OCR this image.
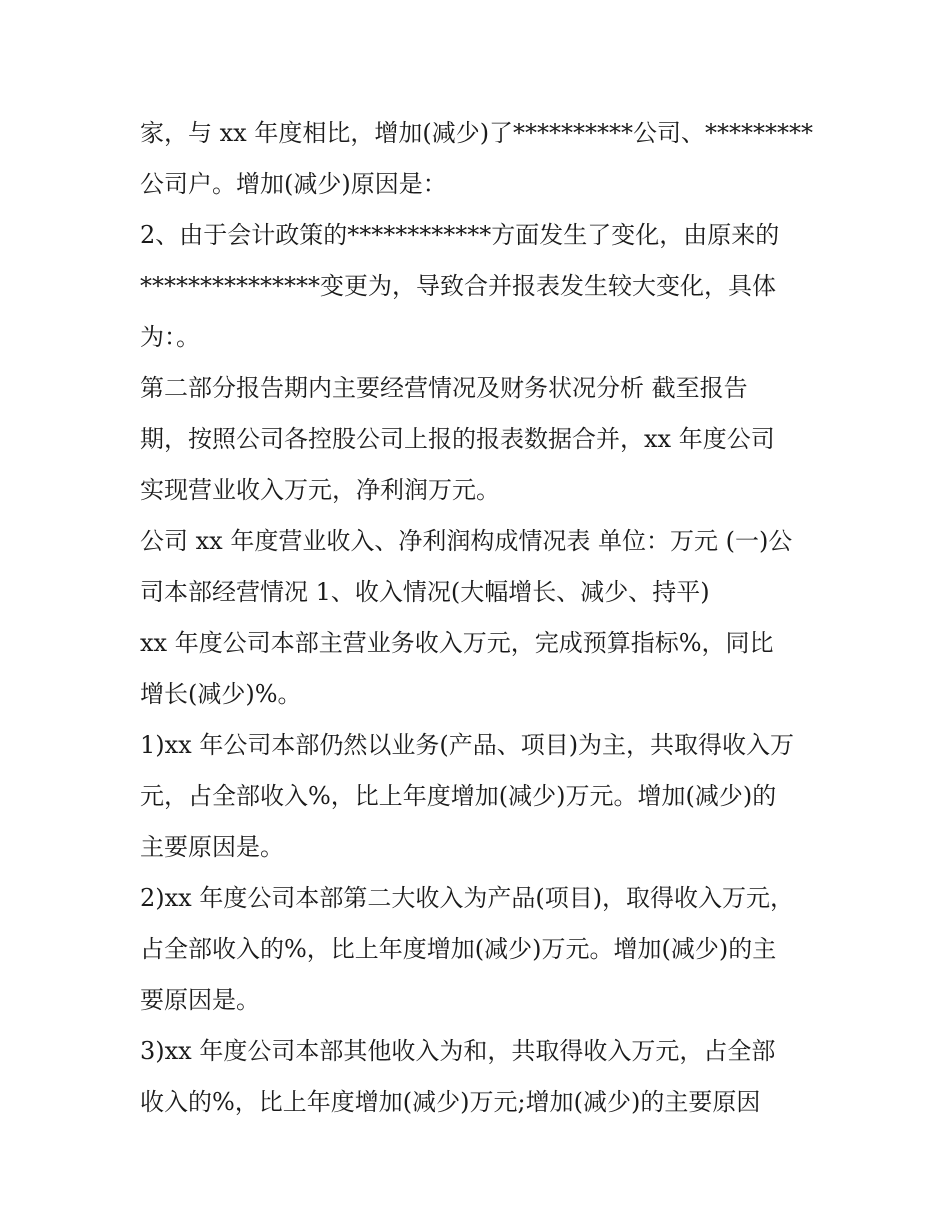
家，与 xx 年度相比，增加(减少)了**********公司、*********
公司户。增加(减少)原因是：
2、由于会计政策的************方面发生了变化，由原来的
***************变更为，导致合并报表发生较大变化，具体
为：。
第二部分报告期内主要经营情况及财务状况分析 截至报告
期，按照公司各控股公司上报的报表数据合并，xx 年度公司
实现营业收入万元，净利润万元。
公司 xx 年度营业收入、净利润构成情况表 单位：万元 (一)公
司本部经营情况 1、收入情况(大幅增长、减少、持平)
xx 年度公司本部主营业务收入万元，完成预算指标%，同比
增长(减少)%。
1)xx 年公司本部仍然以业务(产品、项目)为主，共取得收入万
元，占全部收入%，比上年度增加(减少)万元。增加(减少)的
主要原因是。
2)xx 年度公司本部第二大收入为产品(项目)，取得收入万元，
占全部收入的%，比上年度增加(减少)万元。增加(减少)的主
要原因是。
3)xx 年度公司本部其他收入为和，共取得收入万元，占全部
收入的%，比上年度增加(减少)万元;增加(减少)的主要原因
